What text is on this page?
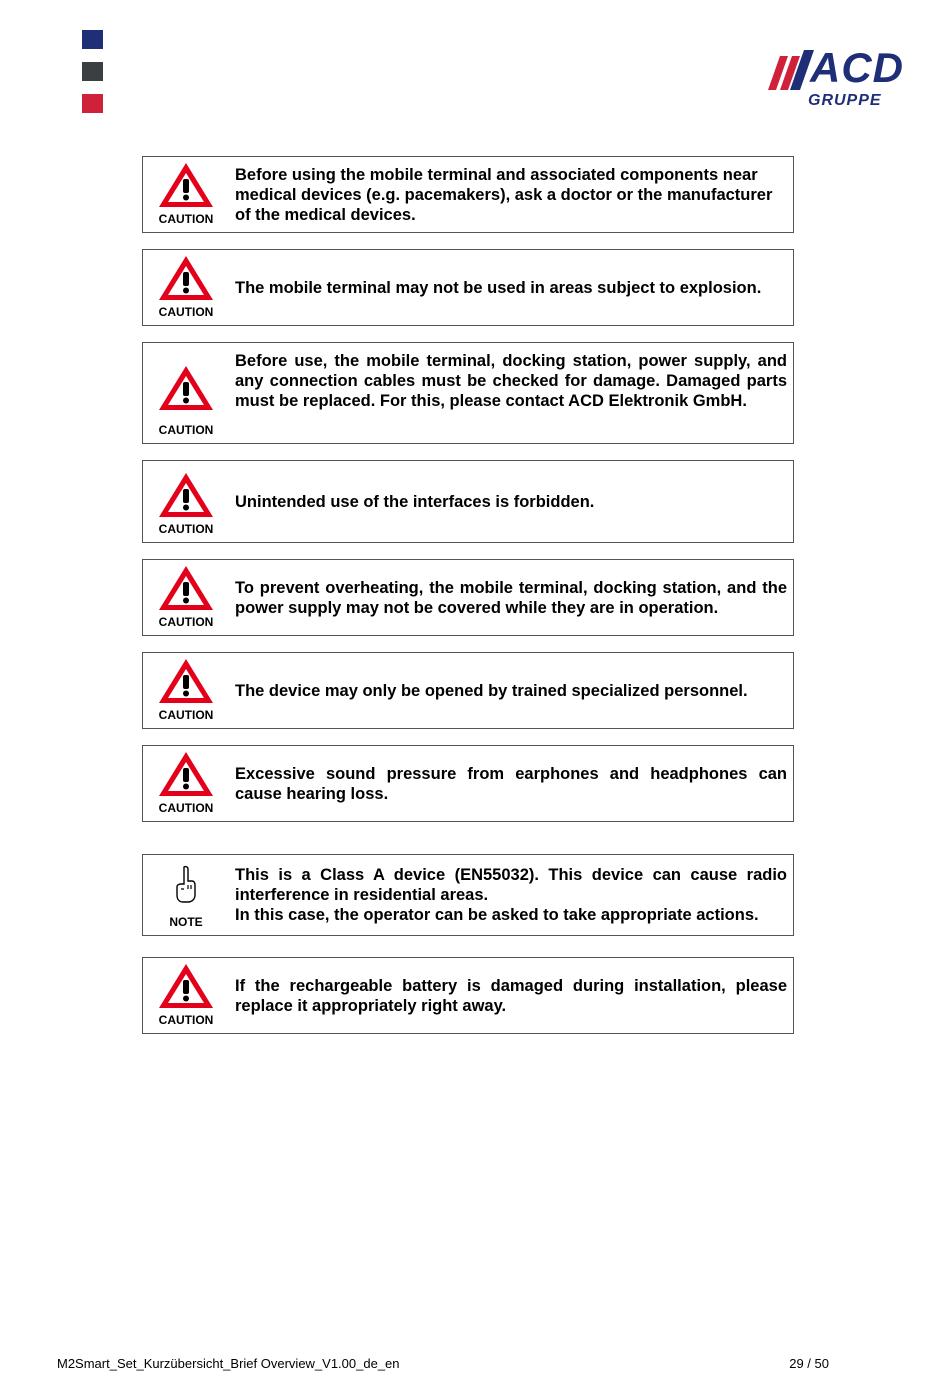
ACD
GRUPPE
CAUTION
Before using the mobile terminal and associated components near medical devices (e.g. pacemakers), ask a doctor or the manufacturer of the medical devices.
CAUTION
The mobile terminal may not be used in areas subject to explosion.
CAUTION
Before use, the mobile terminal, docking station, power supply, and any connection cables must be checked for damage. Damaged parts must be replaced. For this, please contact ACD Elektronik GmbH.
CAUTION
Unintended use of the interfaces is forbidden.
CAUTION
To prevent overheating, the mobile terminal, docking station, and the power supply may not be covered while they are in operation.
CAUTION
The device may only be opened by trained specialized personnel.
CAUTION
Excessive sound pressure from earphones and headphones can cause hearing loss.
NOTE
This is a Class A device (EN55032). This device can cause radio interference in residential areas.
In this case, the operator can be asked to take appropriate actions.
CAUTION
If the rechargeable battery is damaged during installation, please replace it appropriately right away.
M2Smart_Set_Kurzübersicht_Brief Overview_V1.00_de_en	29 / 50
